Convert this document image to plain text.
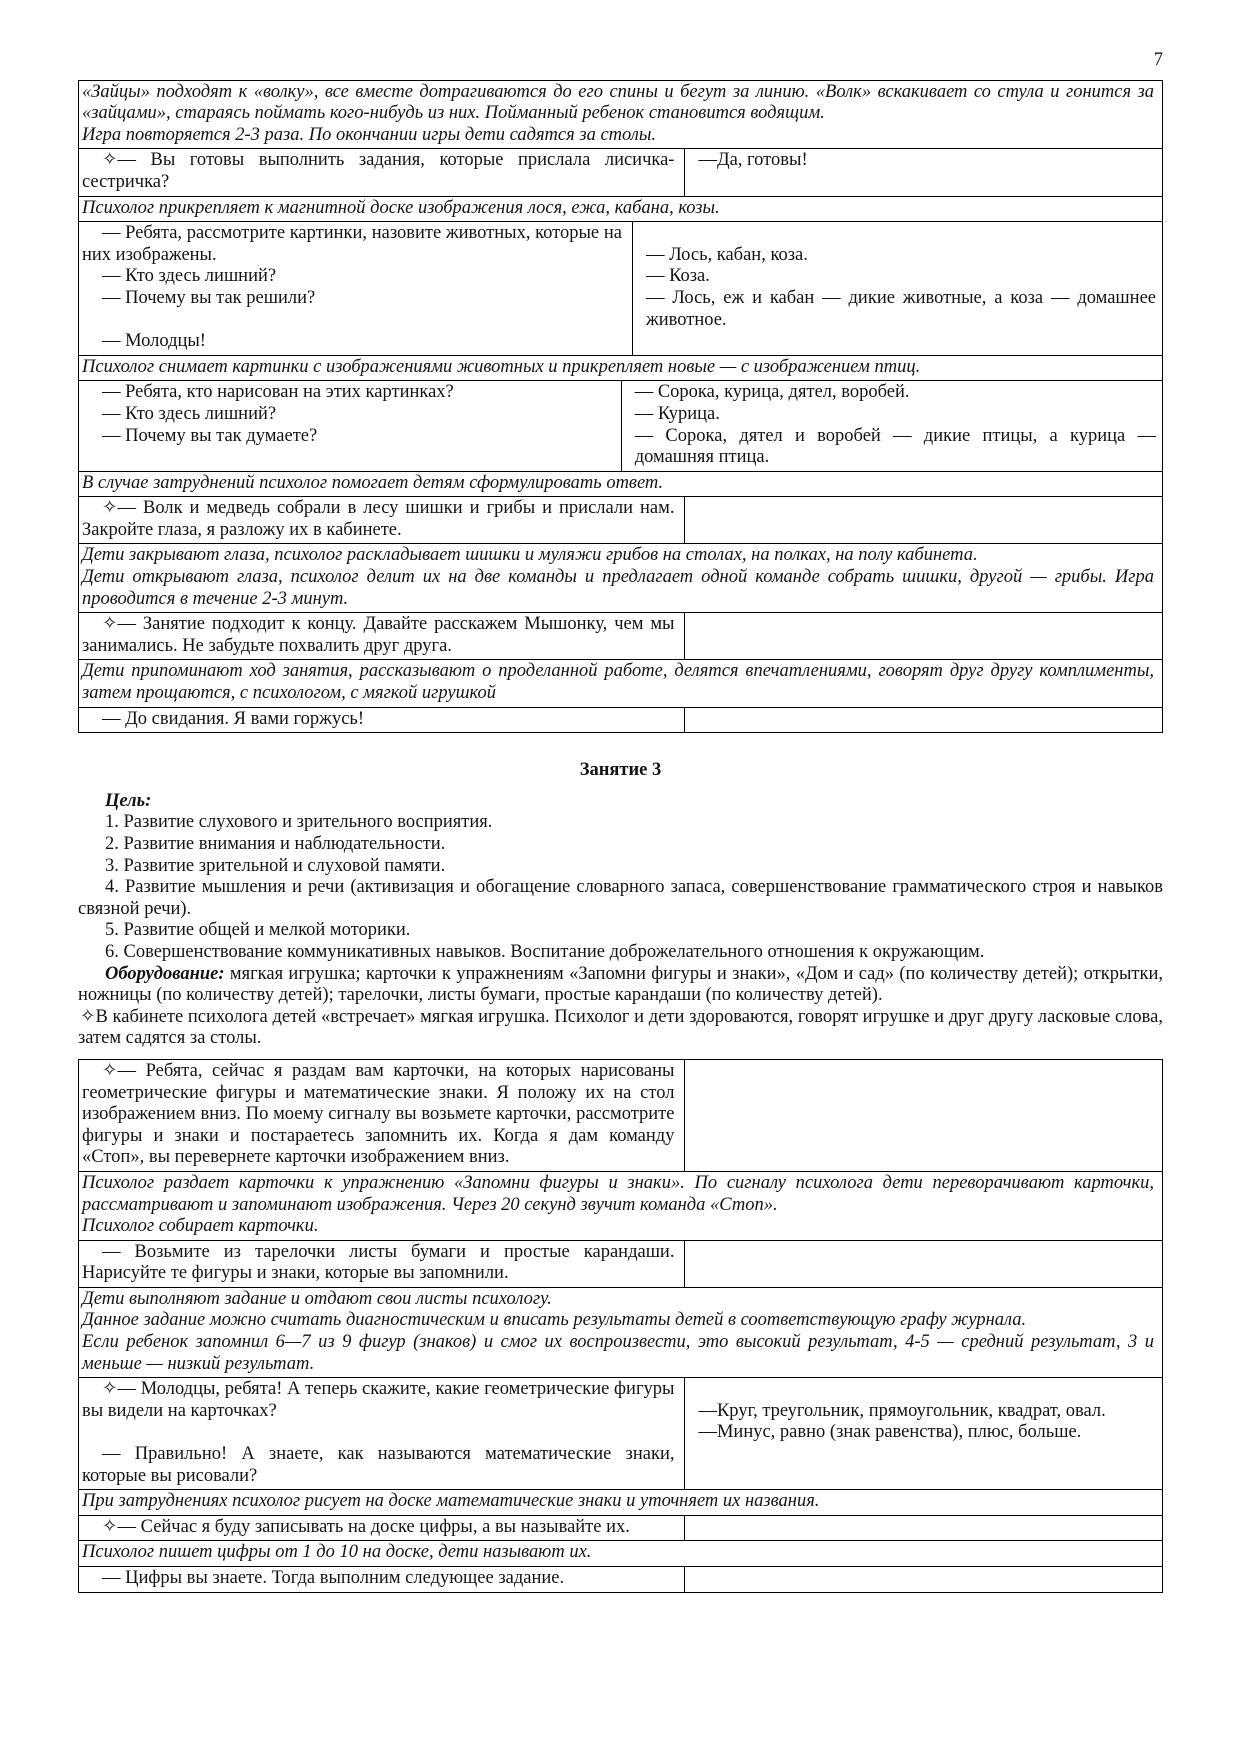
7

«Зайцы» подходят к «волку», все вместе дотрагиваются до его спины и бегут за линию. «Волк» вскакивает со стула и гонится за «зайцами», стараясь поймать кого-нибудь из них. Пойманный ребенок становится водящим.

Игра повторяется 2-3 раза. По окончании игры дети садятся за столы.

✧— Вы готовы выполнить задания, которые прислала лисичка-сестричка?

—Да, готовы!

Психолог прикрепляет к магнитной доске изображения лося, ежа, кабана, козы.

— Ребята, рассмотрите картинки, назовите животных, которые на них изображены.

— Кто здесь лишний?

— Почему вы так решили?

— Молодцы!

— Лось, кабан, коза.

— Коза.

— Лось, еж и кабан — дикие животные, а коза — домашнее животное.

Психолог снимает картинки с изображениями животных и прикрепляет новые — с изображением птиц.

— Ребята, кто нарисован на этих картинках?

— Кто здесь лишний?

— Почему вы так думаете?

— Сорока, курица, дятел, воробей.

— Курица.

— Сорока, дятел и воробей — дикие птицы, а курица — домашняя птица.

В случае затруднений психолог помогает детям сформулировать ответ.

✧— Волк и медведь собрали в лесу шишки и грибы и прислали нам. Закройте глаза, я разложу их в кабинете.

Дети закрывают глаза, психолог раскладывает шишки и муляжи грибов на столах, на полках, на полу кабинета.

Дети открывают глаза, психолог делит их на две команды и предлагает одной команде собрать шишки, другой — грибы. Игра проводится в течение 2-3 минут.

✧— Занятие подходит к концу. Давайте расскажем Мышонку, чем мы занимались. Не забудьте похвалить друг друга.

Дети припоминают ход занятия, рассказывают о проделанной работе, делятся впечатлениями, говорят друг другу комплименты, затем прощаются, с психологом, с мягкой игрушкой

— До свидания. Я вами горжусь!

Занятие 3

Цель:

1. Развитие слухового и зрительного восприятия.

2. Развитие внимания и наблюдательности.

3. Развитие зрительной и слуховой памяти.

4. Развитие мышления и речи (активизация и обогащение словарного запаса, совершенствование грамматического строя и навыков связной речи).

5. Развитие общей и мелкой моторики.

6. Совершенствование коммуникативных навыков. Воспитание доброжелательного отношения к окружающим.

Оборудование: мягкая игрушка; карточки к упражнениям «Запомни фигуры и знаки», «Дом и сад» (по количеству детей); открытки, ножницы (по количеству детей); тарелочки, листы бумаги, простые карандаши (по количеству детей).

✧В кабинете психолога детей «встречает» мягкая игрушка. Психолог и дети здороваются, говорят игрушке и друг другу ласковые слова, затем садятся за столы.

✧— Ребята, сейчас я раздам вам карточки, на которых нарисованы геометрические фигуры и математические знаки. Я положу их на стол изображением вниз. По моему сигналу вы возьмете карточки, рассмотрите фигуры и знаки и постараетесь запомнить их. Когда я дам команду «Стоп», вы перевернете карточки изображением вниз.

Психолог раздает карточки к упражнению «Запомни фигуры и знаки». По сигналу психолога дети переворачивают карточки, рассматривают и запоминают изображения. Через 20 секунд звучит команда «Стоп».

Психолог собирает карточки.

— Возьмите из тарелочки листы бумаги и простые карандаши. Нарисуйте те фигуры и знаки, которые вы запомнили.

Дети выполняют задание и отдают свои листы психологу.

Данное задание можно считать диагностическим и вписать результаты детей в соответствующую графу журнала.

Если ребенок запомнил 6—7 из 9 фигур (знаков) и смог их воспроизвести, это высокий результат, 4-5 — средний результат, 3 и меньше — низкий результат.

✧— Молодцы, ребята! А теперь скажите, какие геометрические фигуры вы видели на карточках?

— Правильно! А знаете, как называются математические знаки, которые вы рисовали?

—Круг, треугольник, прямоугольник, квадрат, овал.

—Минус, равно (знак равенства), плюс, больше.

При затруднениях психолог рисует на доске математические знаки и уточняет их названия.

✧— Сейчас я буду записывать на доске цифры, а вы называйте их.

Психолог пишет цифры от 1 до 10 на доске, дети называют их.

— Цифры вы знаете. Тогда выполним следующее задание.
